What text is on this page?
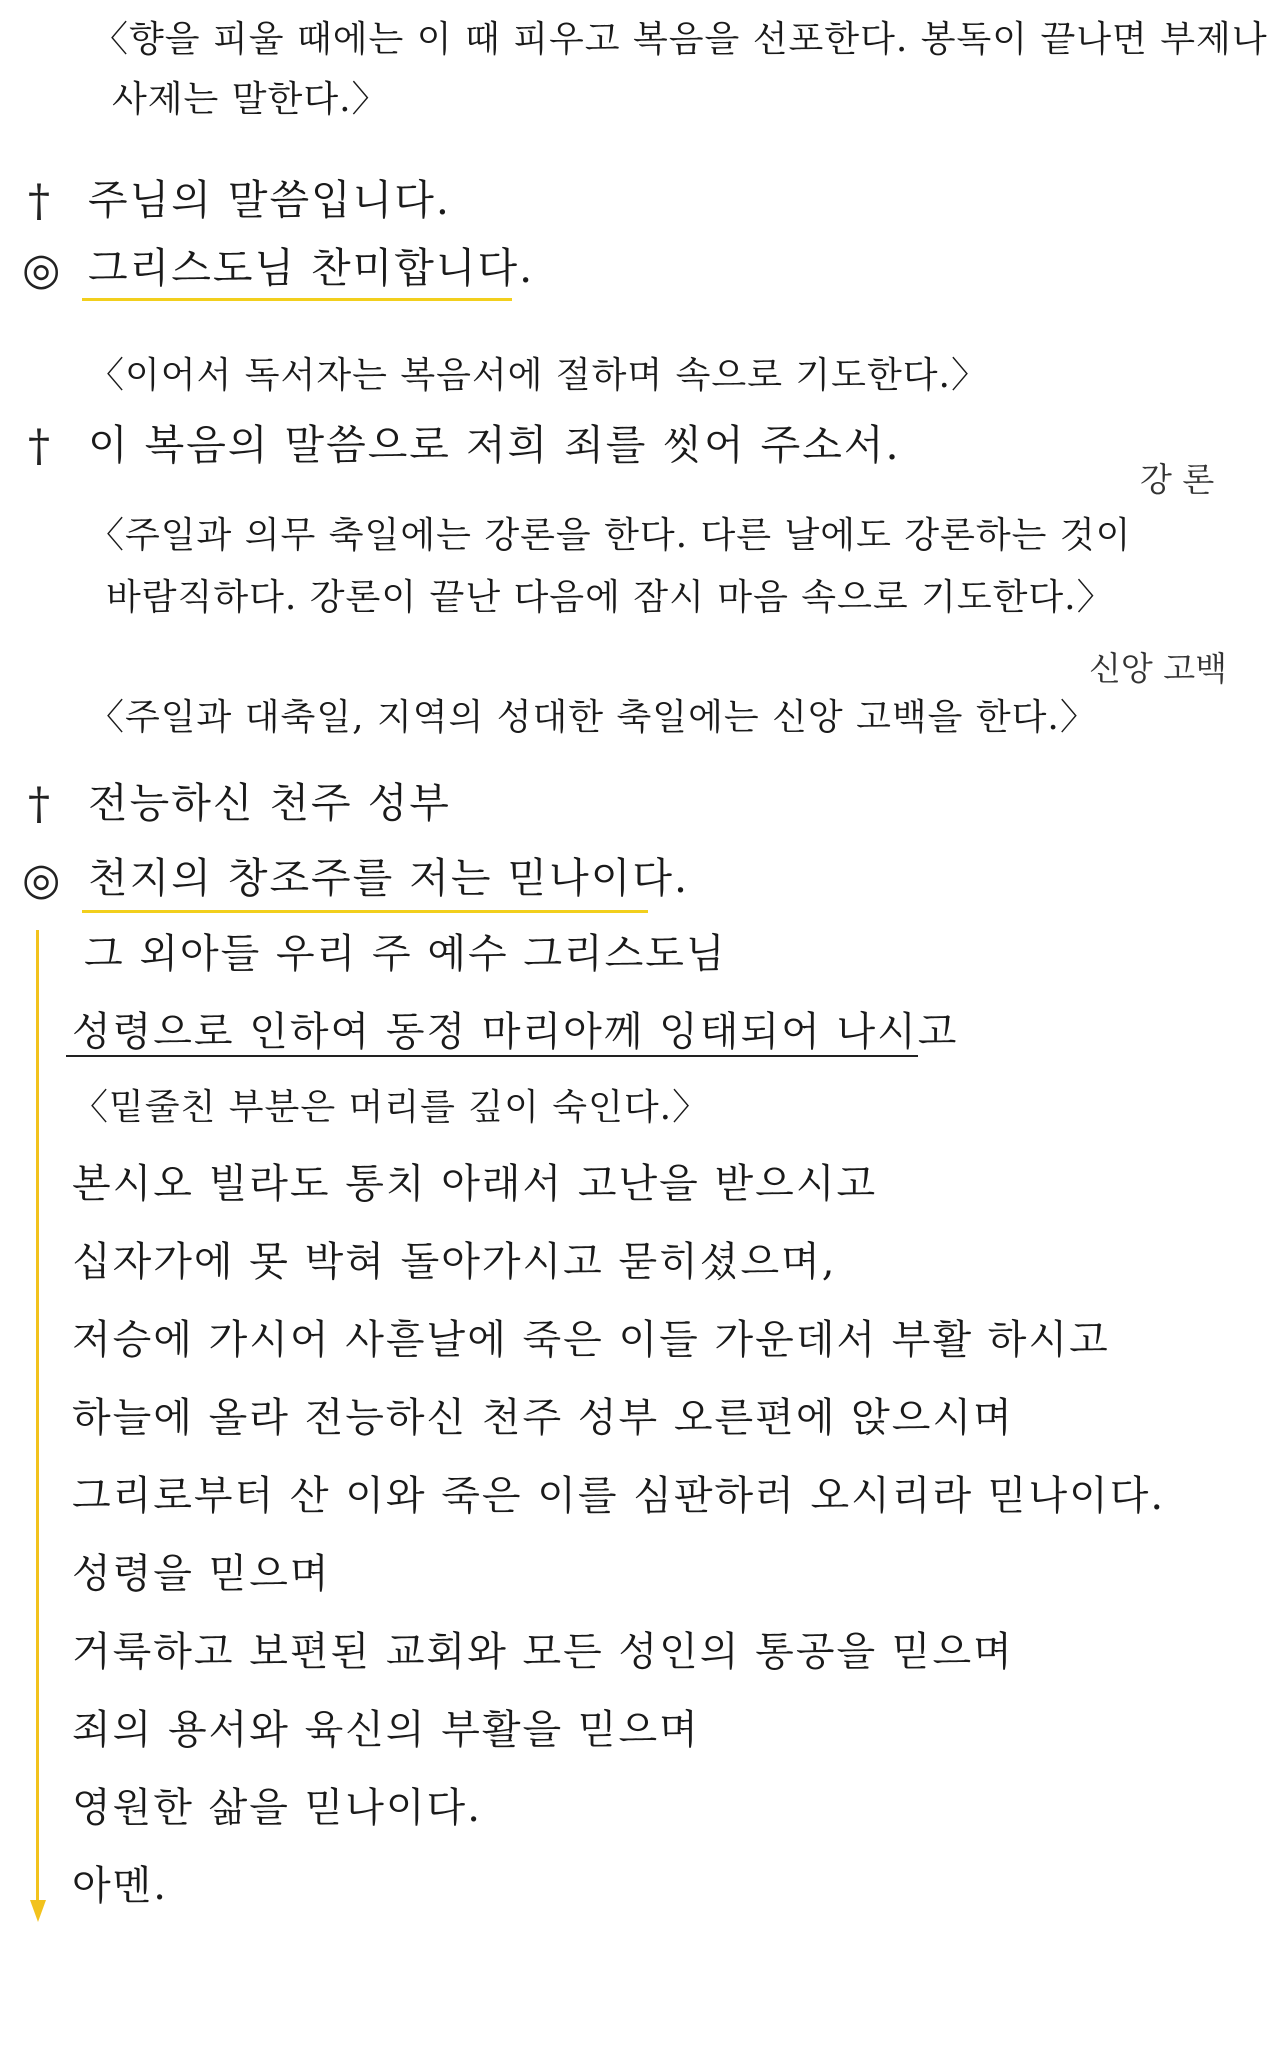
〈향을 피울 때에는 이 때 피우고 복음을 선포한다. 봉독이 끝나면 부제나
사제는 말한다.〉
† 주님의 말씀입니다.
◎ 그리스도님 찬미합니다.
〈이어서 독서자는 복음서에 절하며 속으로 기도한다.〉
† 이 복음의 말씀으로 저희 죄를 씻어 주소서.
강 론
〈주일과 의무 축일에는 강론을 한다. 다른 날에도 강론하는 것이
바람직하다. 강론이 끝난 다음에 잠시 마음 속으로 기도한다.〉
신앙 고백
〈주일과 대축일, 지역의 성대한 축일에는 신앙 고백을 한다.〉
† 전능하신 천주 성부
◎ 천지의 창조주를 저는 믿나이다.
그 외아들 우리 주 예수 그리스도님
성령으로 인하여 동정 마리아께 잉태되어 나시고
〈밑줄친 부분은 머리를 깊이 숙인다.〉
본시오 빌라도 통치 아래서 고난을 받으시고
십자가에 못 박혀 돌아가시고 묻히셨으며,
저승에 가시어 사흗날에 죽은 이들 가운데서 부활 하시고
하늘에 올라 전능하신 천주 성부 오른편에 앉으시며
그리로부터 산 이와 죽은 이를 심판하러 오시리라 믿나이다.
성령을 믿으며
거룩하고 보편된 교회와 모든 성인의 통공을 믿으며
죄의 용서와 육신의 부활을 믿으며
영원한 삶을 믿나이다.
아멘.
